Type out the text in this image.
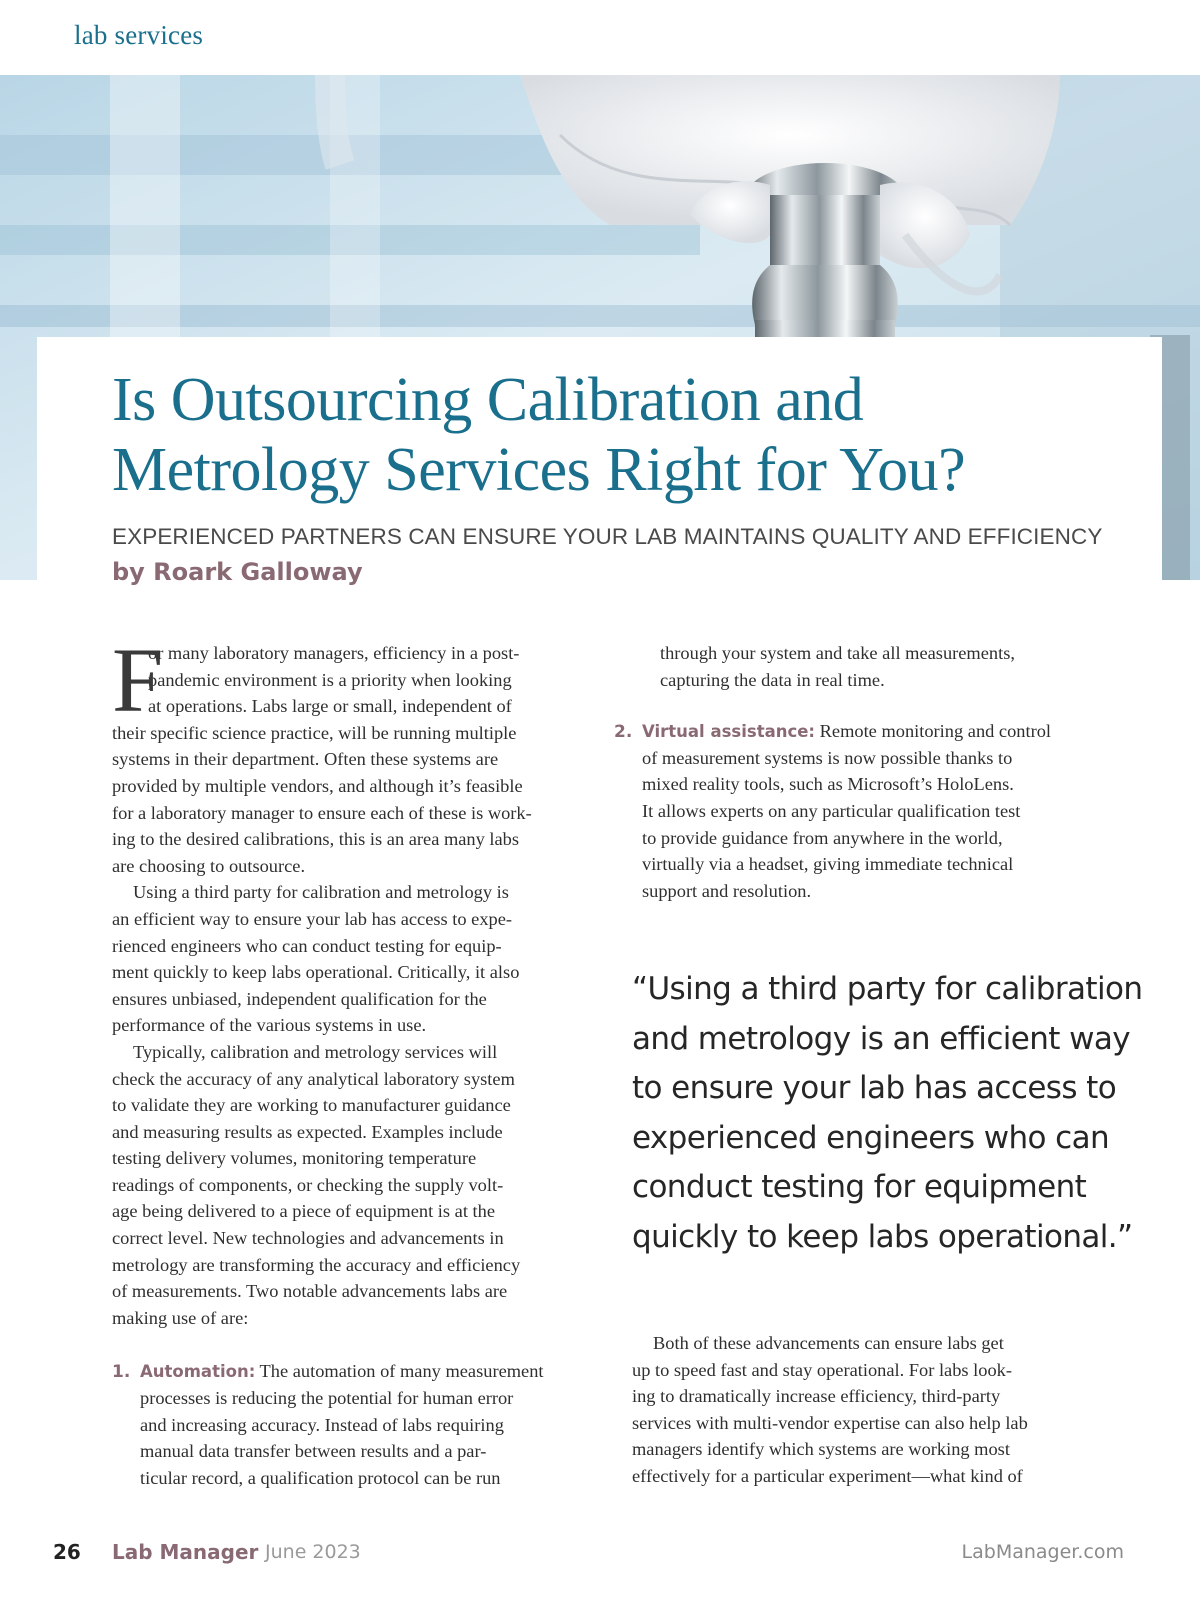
lab services
Is Outsourcing Calibration and
Metrology Services Right for You?
EXPERIENCED PARTNERS CAN ENSURE YOUR LAB MAINTAINS QUALITY AND EFFICIENCY
by Roark Galloway
F
or many laboratory managers, efficiency in a post-
pandemic environment is a priority when looking
at operations. Labs large or small, independent of
their specific science practice, will be running multiple
systems in their department. Often these systems are
provided by multiple vendors, and although it’s feasible
for a laboratory manager to ensure each of these is work-
ing to the desired calibrations, this is an area many labs
are choosing to outsource.
Using a third party for calibration and metrology is
an efficient way to ensure your lab has access to expe-
rienced engineers who can conduct testing for equip-
ment quickly to keep labs operational. Critically, it also
ensures unbiased, independent qualification for the
performance of the various systems in use.
Typically, calibration and metrology services will
check the accuracy of any analytical laboratory system
to validate they are working to manufacturer guidance
and measuring results as expected. Examples include
testing delivery volumes, monitoring temperature
readings of components, or checking the supply volt-
age being delivered to a piece of equipment is at the
correct level. New technologies and advancements in
metrology are transforming the accuracy and efficiency
of measurements. Two notable advancements labs are
making use of are:
1. Automation: The automation of many measurement
processes is reducing the potential for human error
and increasing accuracy. Instead of labs requiring
manual data transfer between results and a par-
ticular record, a qualification protocol can be run
through your system and take all measurements,
capturing the data in real time.
2. Virtual assistance: Remote monitoring and control
of measurement systems is now possible thanks to
mixed reality tools, such as Microsoft’s HoloLens.
It allows experts on any particular qualification test
to provide guidance from anywhere in the world,
virtually via a headset, giving immediate technical
support and resolution.
“Using a third party for calibration
and metrology is an efficient way
to ensure your lab has access to
experienced engineers who can
conduct testing for equipment
quickly to keep labs operational.”
Both of these advancements can ensure labs get
up to speed fast and stay operational. For labs look-
ing to dramatically increase efficiency, third-party
services with multi-vendor expertise can also help lab
managers identify which systems are working most
effectively for a particular experiment—what kind of
26 Lab Manager June 2023	LabManager.com
